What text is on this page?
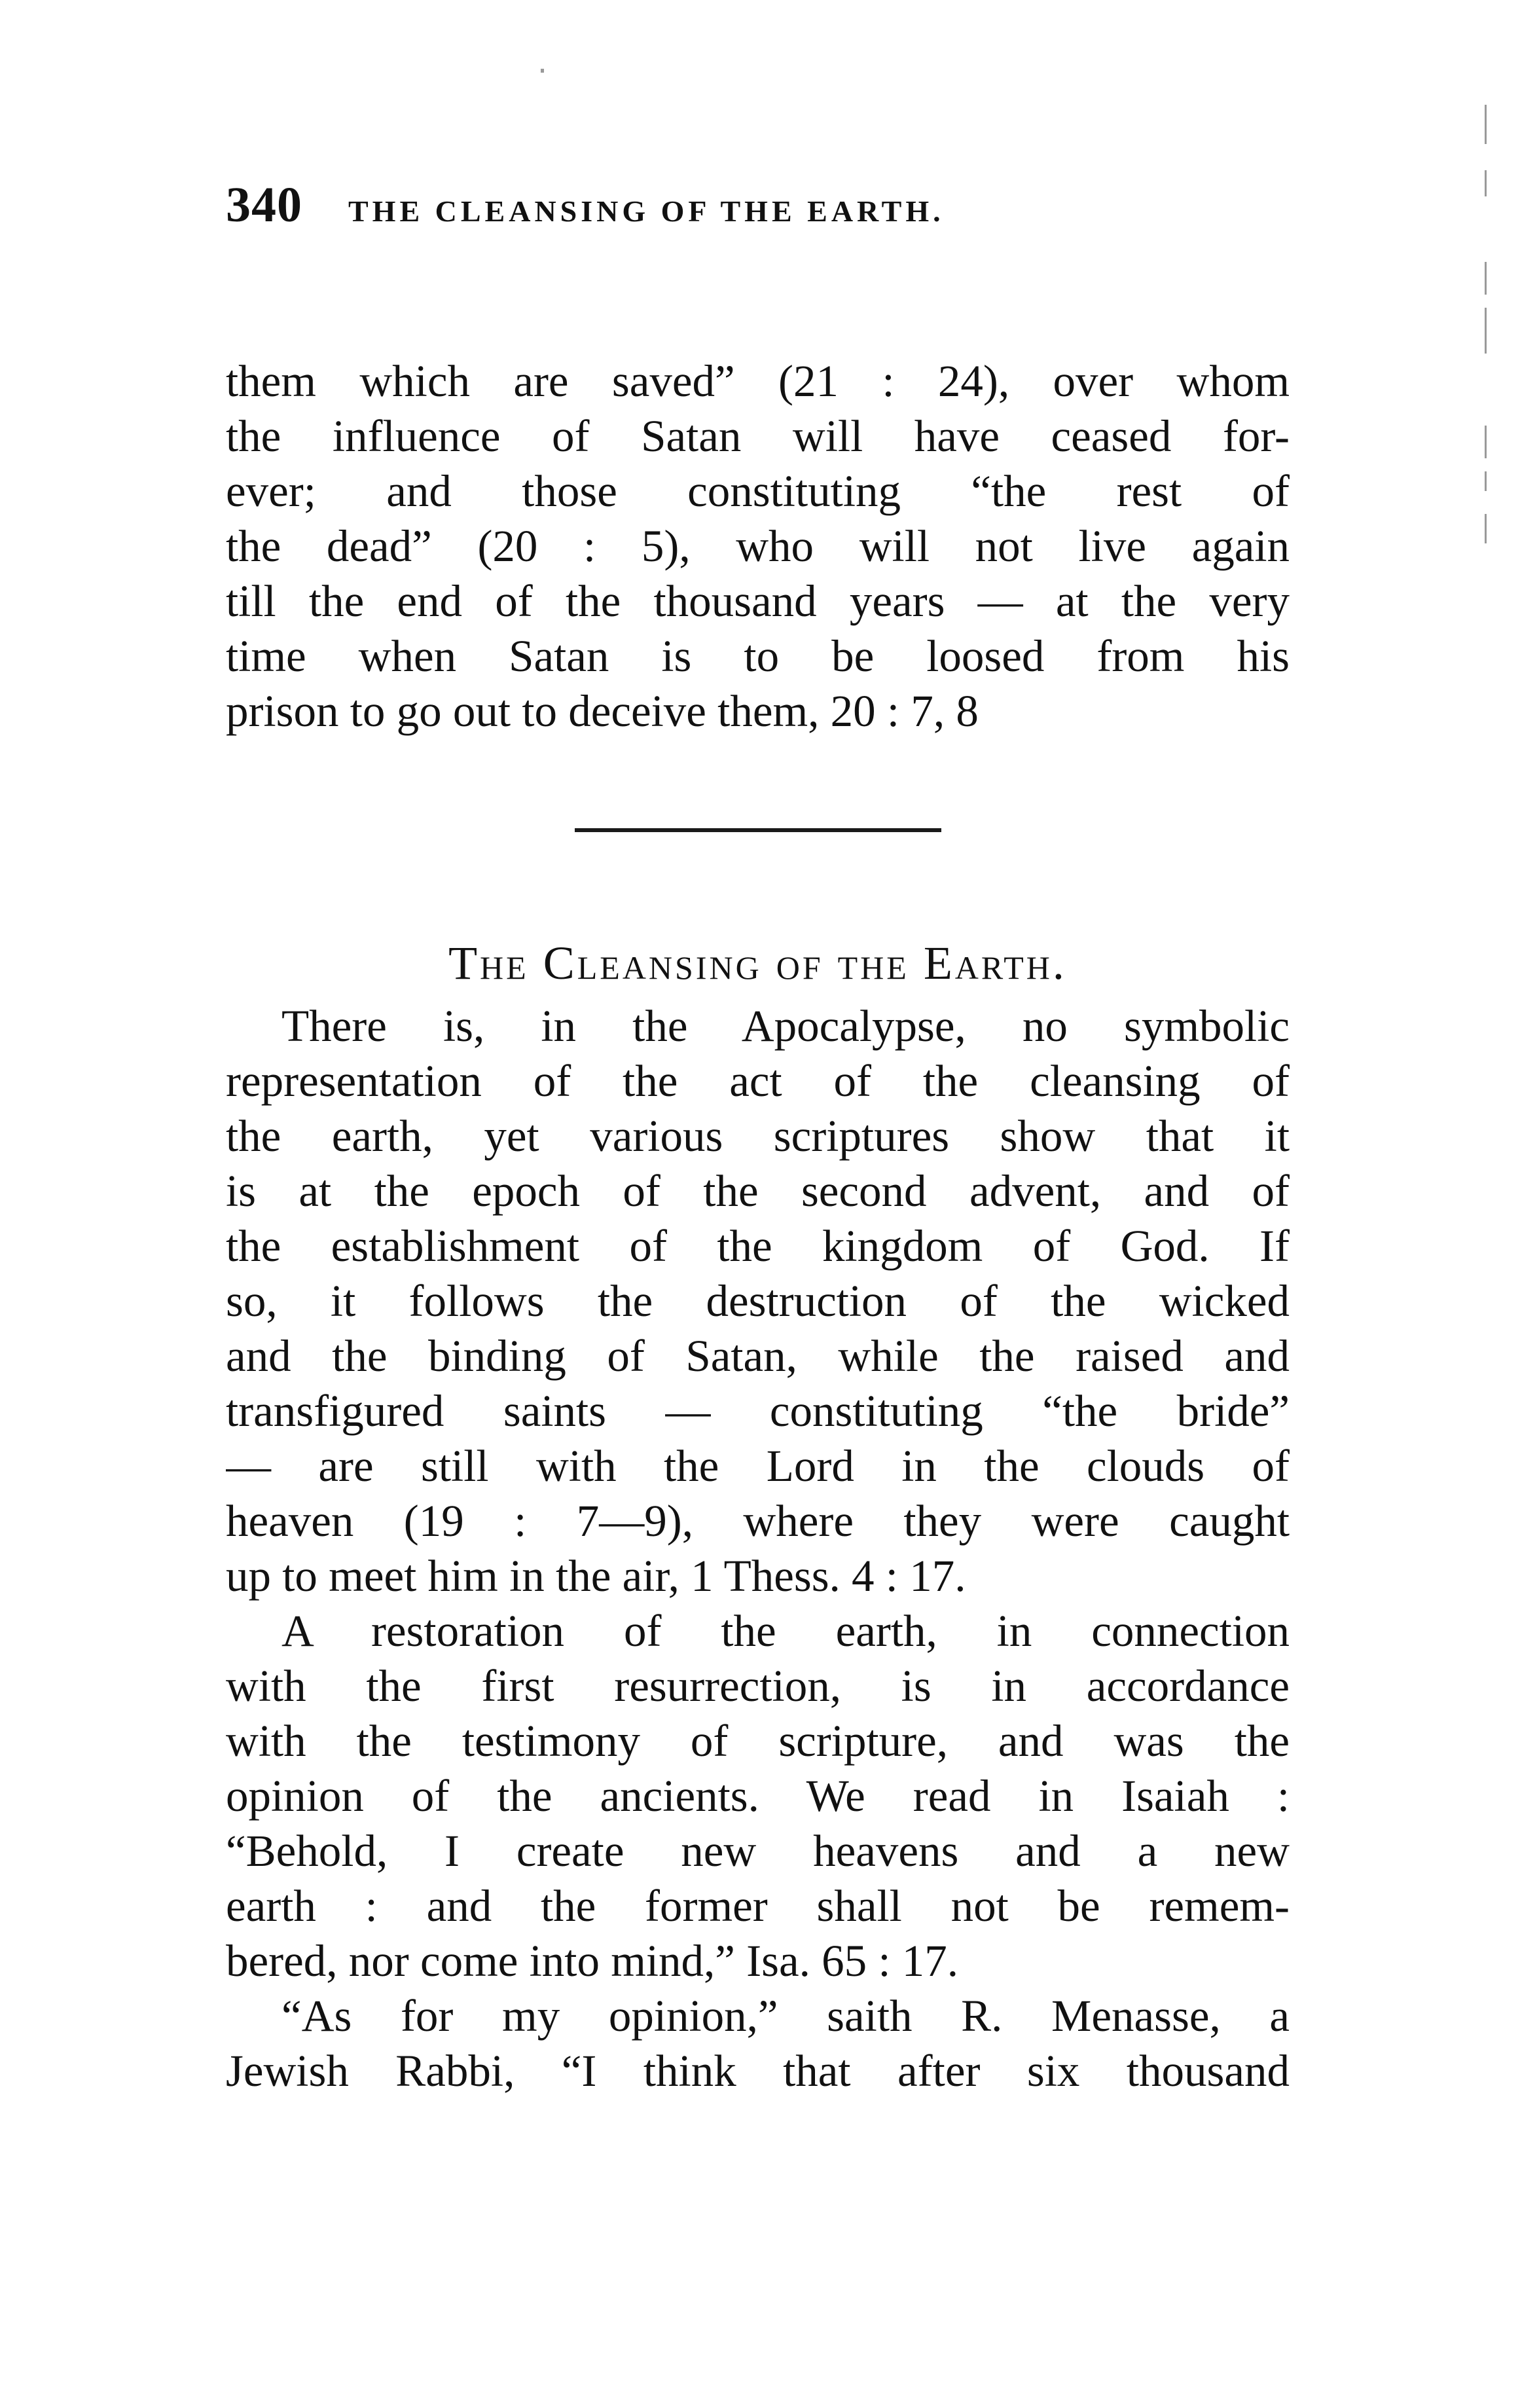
340 THE CLEANSING OF THE EARTH.
them which are saved” (21 : 24), over whom
the influence of Satan will have ceased for-
ever; and those constituting “the rest of
the dead” (20 : 5), who will not live again
till the end of the thousand years — at the very
time when Satan is to be loosed from his
prison to go out to deceive them, 20 : 7, 8
The Cleansing of the Earth.
There is, in the Apocalypse, no symbolic
representation of the act of the cleansing of
the earth, yet various scriptures show that it
is at the epoch of the second advent, and of
the establishment of the kingdom of God. If
so, it follows the destruction of the wicked
and the binding of Satan, while the raised and
transfigured saints — constituting “the bride”
— are still with the Lord in the clouds of
heaven (19 : 7—9), where they were caught
up to meet him in the air, 1 Thess. 4 : 17.
A restoration of the earth, in connection
with the first resurrection, is in accordance
with the testimony of scripture, and was the
opinion of the ancients. We read in Isaiah :
“Behold, I create new heavens and a new
earth : and the former shall not be remem-
bered, nor come into mind,” Isa. 65 : 17.
“As for my opinion,” saith R. Menasse, a
Jewish Rabbi, “I think that after six thousand
